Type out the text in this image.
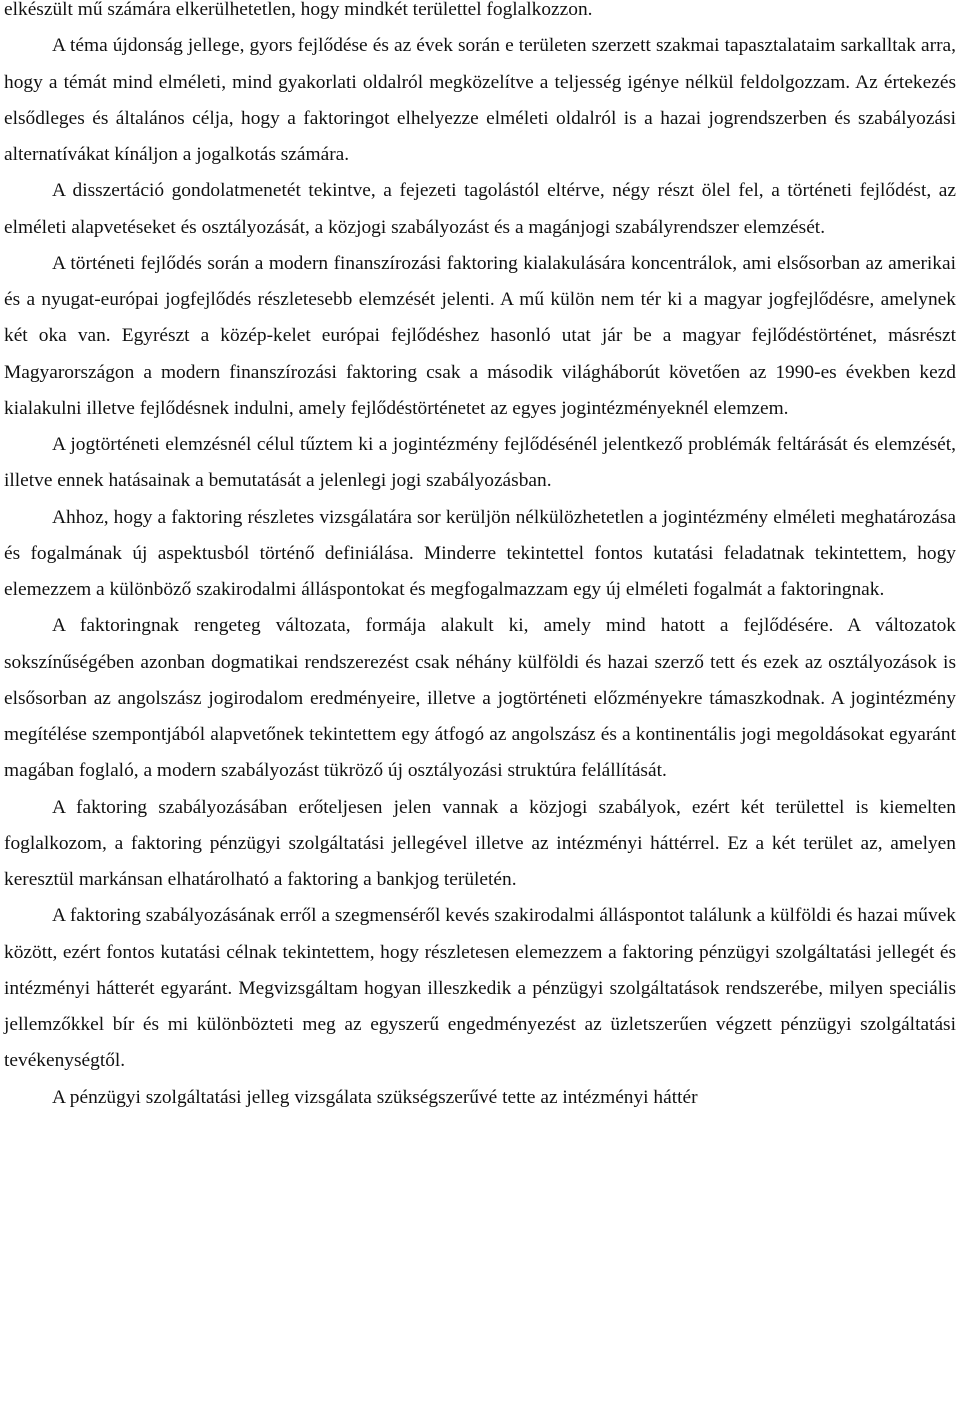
elkészült mű számára elkerülhetetlen, hogy mindkét területtel foglalkozzon.

A téma újdonság jellege, gyors fejlődése és az évek során e területen szerzett szakmai tapasztalataim sarkalltak arra, hogy a témát mind elméleti, mind gyakorlati oldalról megközelítve a teljesség igénye nélkül feldolgozzam. Az értekezés elsődleges és általános célja, hogy a faktoringot elhelyezze elméleti oldalról is a hazai jogrendszerben és szabályozási alternatívákat kínáljon a jogalkotás számára.

A disszertáció gondolatmenetét tekintve, a fejezeti tagolástól eltérve, négy részt ölel fel, a történeti fejlődést, az elméleti alapvetéseket és osztályozását, a közjogi szabályozást és a magánjogi szabályrendszer elemzését.

A történeti fejlődés során a modern finanszírozási faktoring kialakulására koncentrálok, ami elsősorban az amerikai és a nyugat-európai jogfejlődés részletesebb elemzését jelenti. A mű külön nem tér ki a magyar jogfejlődésre, amelynek két oka van. Egyrészt a közép-kelet európai fejlődéshez hasonló utat jár be a magyar fejlődéstörténet, másrészt Magyarországon a modern finanszírozási faktoring csak a második világháborút követően az 1990-es években kezd kialakulni illetve fejlődésnek indulni, amely fejlődéstörténetet az egyes jogintézményeknél elemzem.

A jogtörténeti elemzésnél célul tűztem ki a jogintézmény fejlődésénél jelentkező problémák feltárását és elemzését, illetve ennek hatásainak a bemutatását a jelenlegi jogi szabályozásban.

Ahhoz, hogy a faktoring részletes vizsgálatára sor kerüljön nélkülözhetetlen a jogintézmény elméleti meghatározása és fogalmának új aspektusból történő definiálása. Minderre tekintettel fontos kutatási feladatnak tekintettem, hogy elemezzem a különböző szakirodalmi álláspontokat és megfogalmazzam egy új elméleti fogalmát a faktoringnak.

A faktoringnak rengeteg változata, formája alakult ki, amely mind hatott a fejlődésére. A változatok sokszínűségében azonban dogmatikai rendszerezést csak néhány külföldi és hazai szerző tett és ezek az osztályozások is elsősorban az angolszász jogirodalom eredményeire, illetve a jogtörténeti előzményekre támaszkodnak. A jogintézmény megítélése szempontjából alapvetőnek tekintettem egy átfogó az angolszász és a kontinentális jogi megoldásokat egyaránt magában foglaló, a modern szabályozást tükröző új osztályozási struktúra felállítását.

A faktoring szabályozásában erőteljesen jelen vannak a közjogi szabályok, ezért két területtel is kiemelten foglalkozom, a faktoring pénzügyi szolgáltatási jellegével illetve az intézményi háttérrel. Ez a két terület az, amelyen keresztül markánsan elhatárolható a faktoring a bankjog területén.

A faktoring szabályozásának erről a szegmenséről kevés szakirodalmi álláspontot találunk a külföldi és hazai művek között, ezért fontos kutatási célnak tekintettem, hogy részletesen elemezzem a faktoring pénzügyi szolgáltatási jellegét és intézményi hátterét egyaránt. Megvizsgáltam hogyan illeszkedik a pénzügyi szolgáltatások rendszerébe, milyen speciális jellemzőkkel bír és mi különbözteti meg az egyszerű engedményezést az üzletszerűen végzett pénzügyi szolgáltatási tevékenységtől.

A pénzügyi szolgáltatási jelleg vizsgálata szükségszerűvé tette az intézményi háttér
